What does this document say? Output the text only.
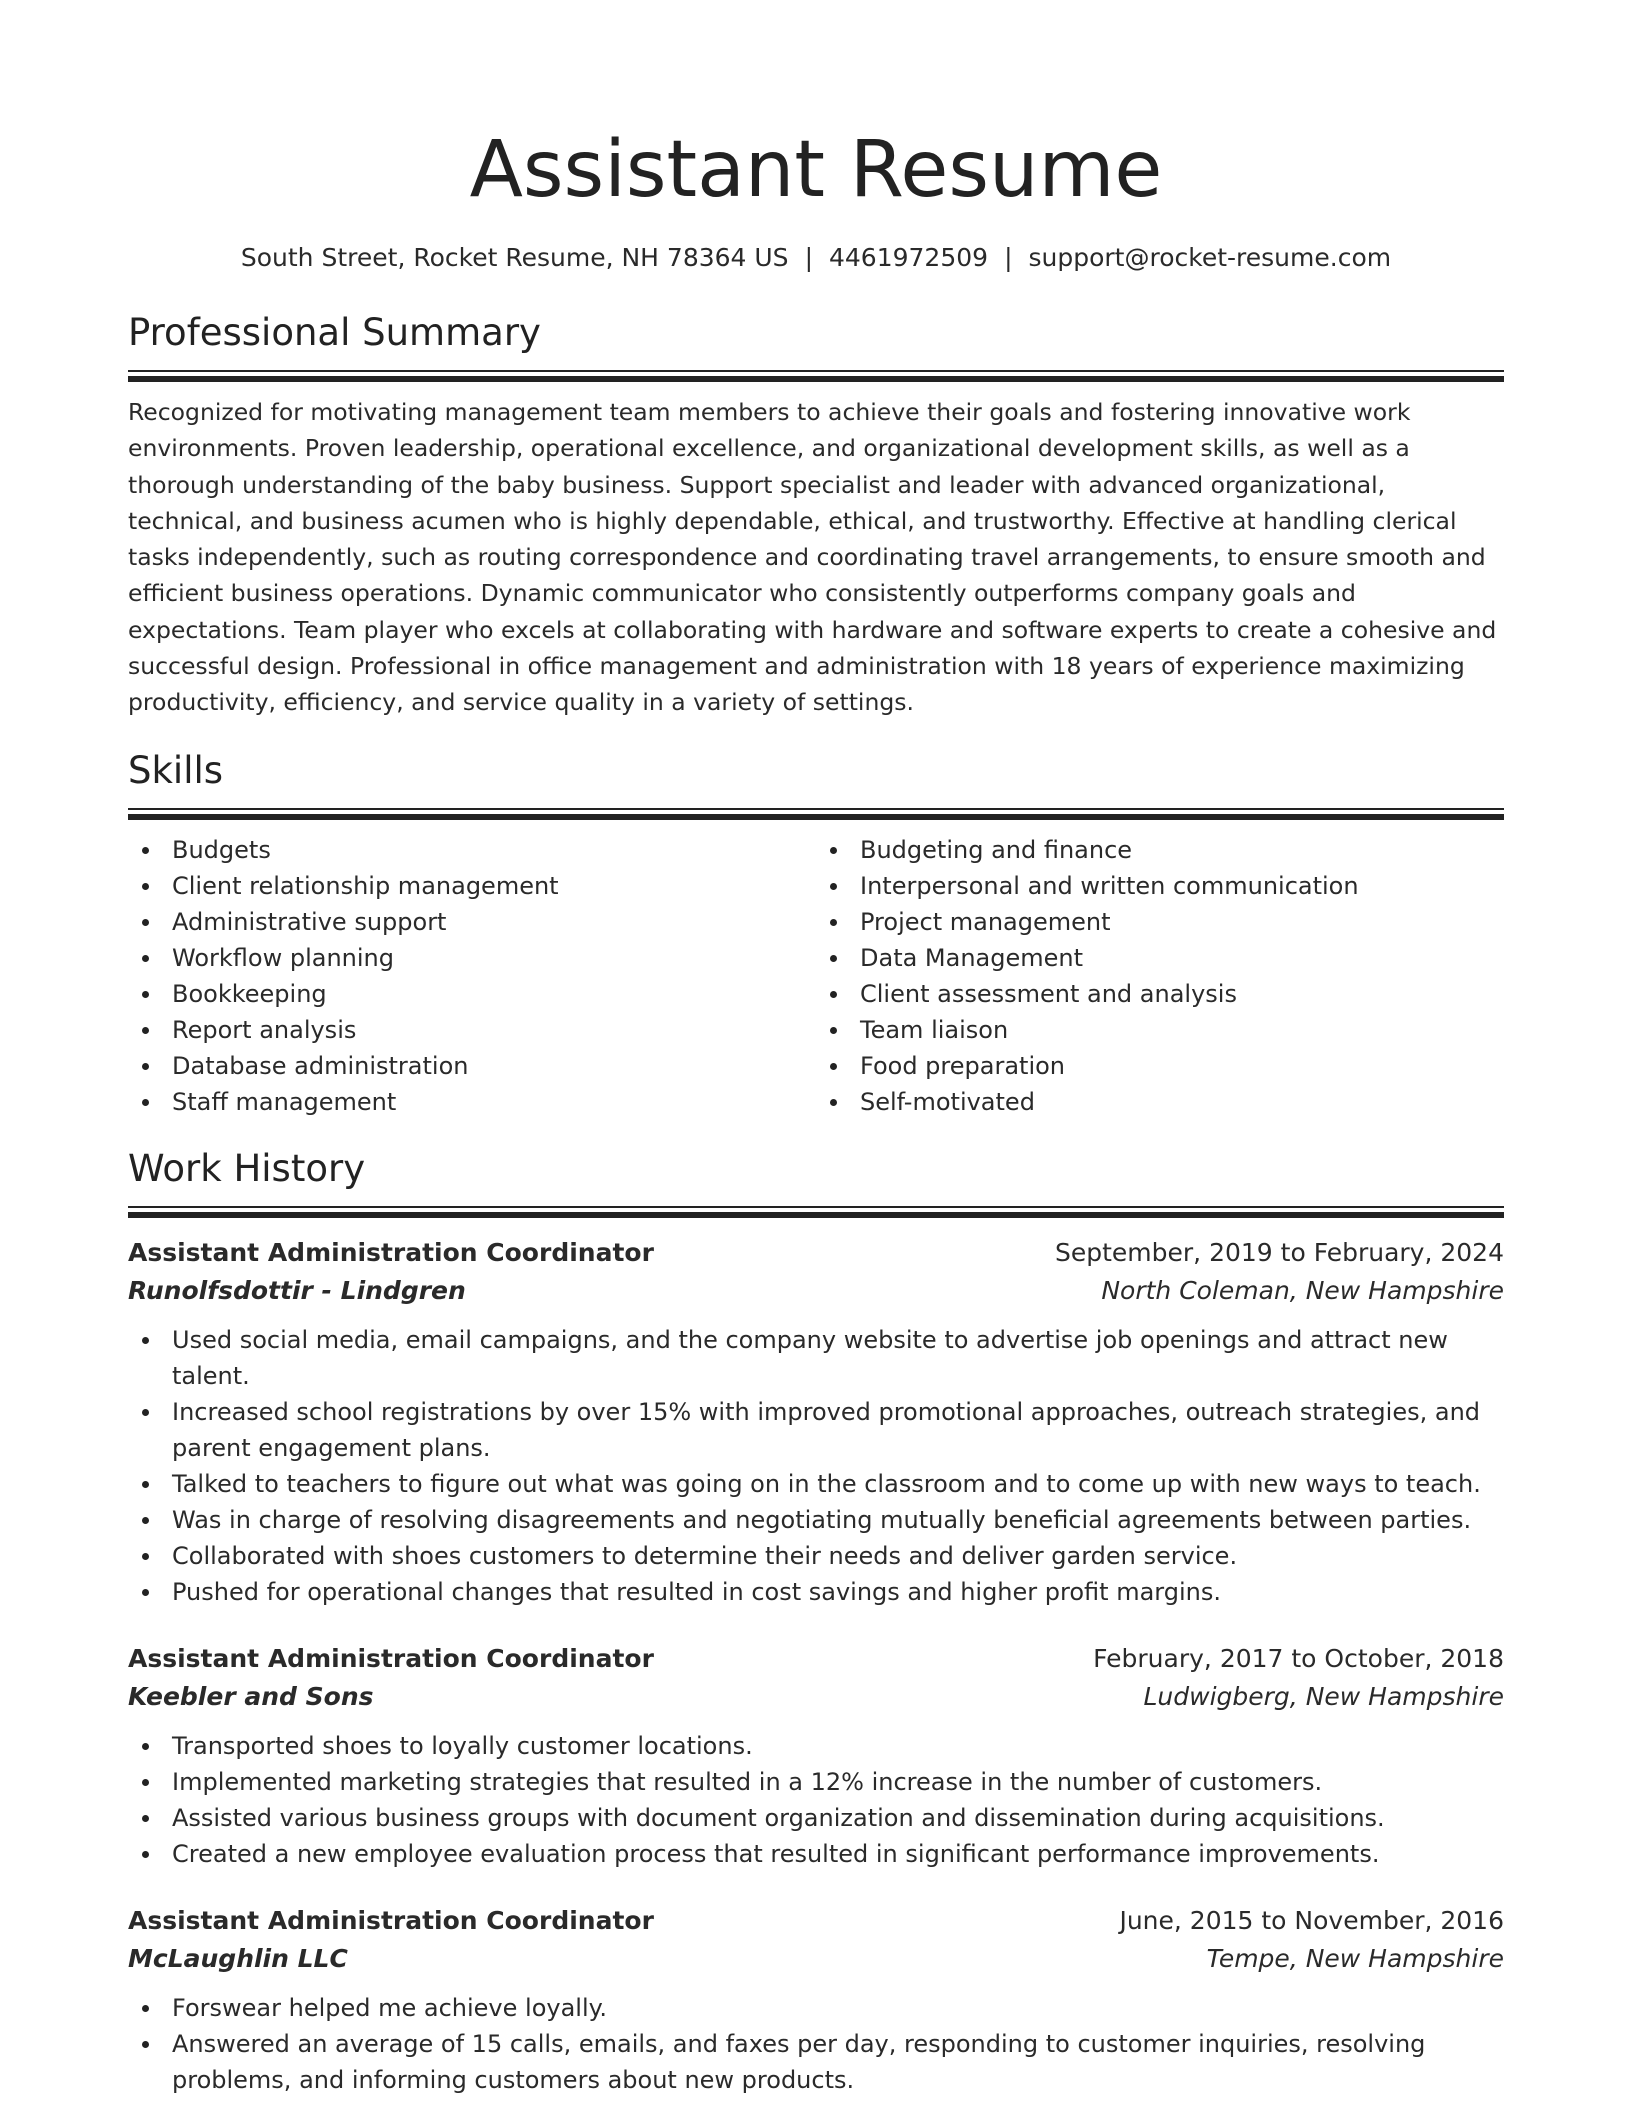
Assistant Resume
South Street, Rocket Resume, NH 78364 US | 4461972509 | support@rocket-resume.com
Professional Summary

Recognized for motivating management team members to achieve their goals and fostering innovative work environments. Proven leadership, operational excellence, and organizational development skills, as well as a thorough understanding of the baby business. Support specialist and leader with advanced organizational, technical, and business acumen who is highly dependable, ethical, and trustworthy. Effective at handling clerical tasks independently, such as routing correspondence and coordinating travel arrangements, to ensure smooth and efficient business operations. Dynamic communicator who consistently outperforms company goals and expectations. Team player who excels at collaborating with hardware and software experts to create a cohesive and successful design. Professional in office management and administration with 18 years of experience maximizing productivity, efficiency, and service quality in a variety of settings.

Skills
Budgets
Client relationship management
Administrative support
Workflow planning
Bookkeeping
Report analysis
Database administration
Staff management
Budgeting and finance
Interpersonal and written communication
Project management
Data Management
Client assessment and analysis
Team liaison
Food preparation
Self-motivated
Work History
Assistant Administration Coordinator	September, 2019 to February, 2024
Runolfsdottir - Lindgren	North Coleman, New Hampshire
Used social media, email campaigns, and the company website to advertise job openings and attract new talent.
Increased school registrations by over 15% with improved promotional approaches, outreach strategies, and parent engagement plans.
Talked to teachers to figure out what was going on in the classroom and to come up with new ways to teach.
Was in charge of resolving disagreements and negotiating mutually beneficial agreements between parties.
Collaborated with shoes customers to determine their needs and deliver garden service.
Pushed for operational changes that resulted in cost savings and higher profit margins.
Assistant Administration Coordinator	February, 2017 to October, 2018
Keebler and Sons	Ludwigberg, New Hampshire
Transported shoes to loyally customer locations.
Implemented marketing strategies that resulted in a 12% increase in the number of customers.
Assisted various business groups with document organization and dissemination during acquisitions.
Created a new employee evaluation process that resulted in significant performance improvements.
Assistant Administration Coordinator	June, 2015 to November, 2016
McLaughlin LLC	Tempe, New Hampshire
Forswear helped me achieve loyally.
Answered an average of 15 calls, emails, and faxes per day, responding to customer inquiries, resolving problems, and informing customers about new products.
